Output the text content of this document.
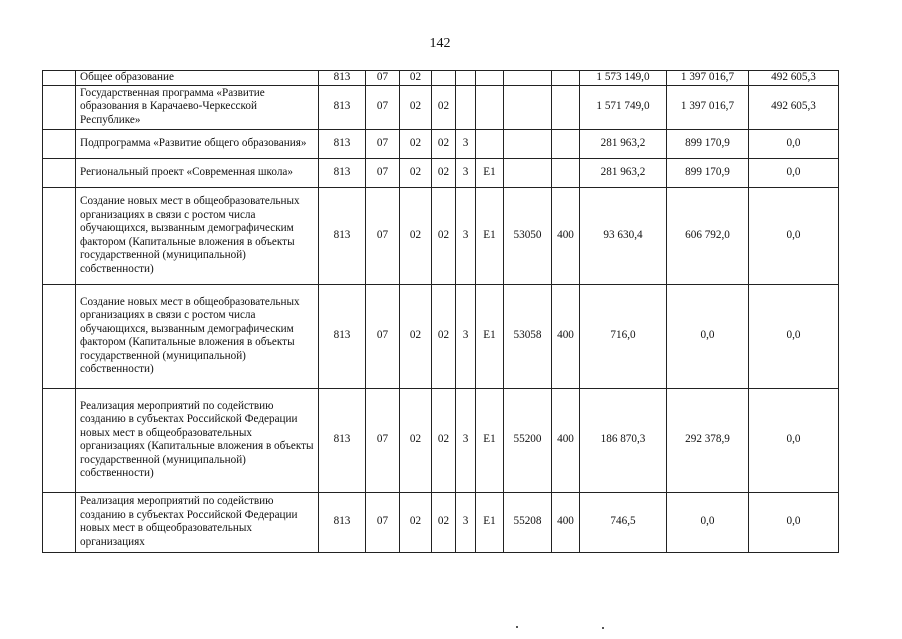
142
	Общее образование	813	07	02						1 573 149,0	1 397 016,7	492 605,3
	Государственная программа «Развитие образования в Карачаево-Черкесской Республике»	813	07	02	02					1 571 749,0	1 397 016,7	492 605,3
	Подпрограмма «Развитие общего образования»	813	07	02	02	3				281 963,2	899 170,9	0,0
	Региональный проект «Современная школа»	813	07	02	02	3	Е1			281 963,2	899 170,9	0,0
	Создание новых мест в общеобразовательных организациях в связи с ростом числа обучающихся, вызванным демографическим фактором (Капитальные вложения в объекты государственной (муниципальной) собственности)	813	07	02	02	3	Е1	53050	400	93 630,4	606 792,0	0,0
	Создание новых мест в общеобразовательных организациях в связи с ростом числа обучающихся, вызванным демографическим фактором (Капитальные вложения в объекты государственной (муниципальной) собственности)	813	07	02	02	3	Е1	53058	400	716,0	0,0	0,0
	Реализация мероприятий по содействию созданию в субъектах Российской Федерации новых мест в общеобразовательных организациях (Капитальные вложения в объекты государственной (муниципальной) собственности)	813	07	02	02	3	Е1	55200	400	186 870,3	292 378,9	0,0
	Реализация мероприятий по содействию созданию в субъектах Российской Федерации новых мест в общеобразовательных организациях	813	07	02	02	3	Е1	55208	400	746,5	0,0	0,0
